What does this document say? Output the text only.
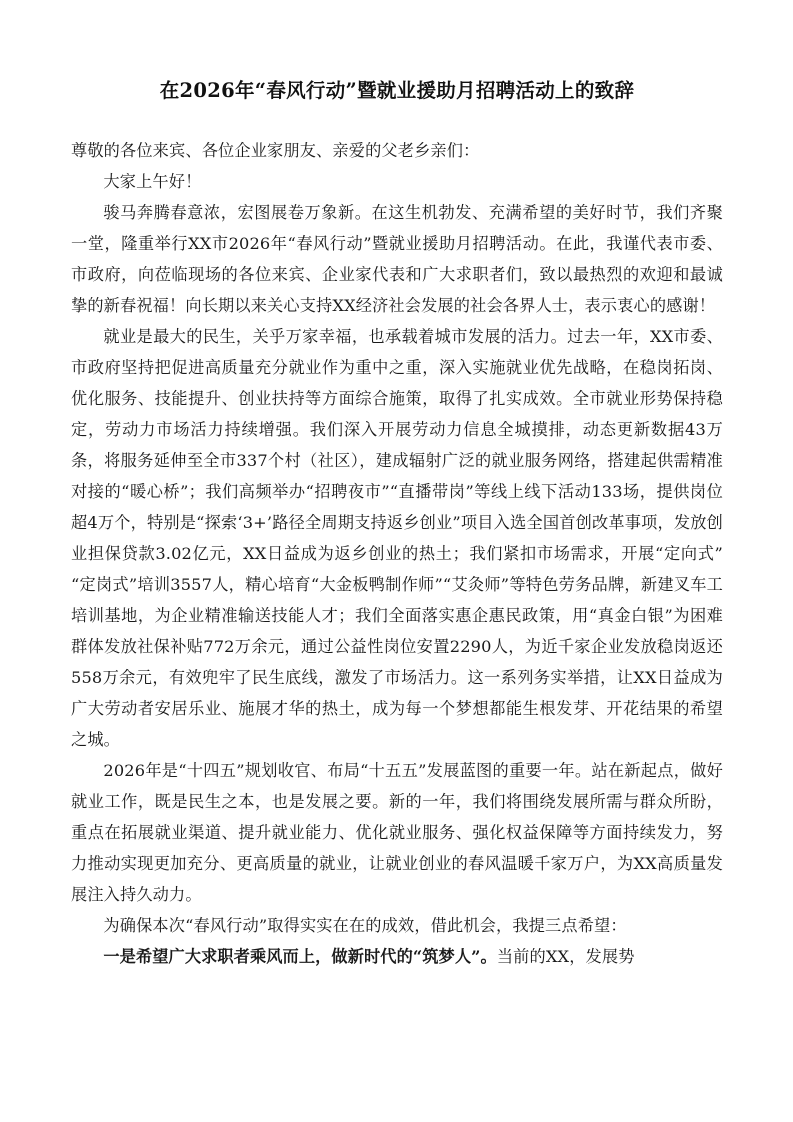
在2026年“春风行动”暨就业援助月招聘活动上的致辞

尊敬的各位来宾、各位企业家朋友、亲爱的父老乡亲们：

大家上午好！

骏马奔腾春意浓，宏图展卷万象新。在这生机勃发、充满希望的美好时节，我们齐聚一堂，隆重举行XX市2026年“春风行动”暨就业援助月招聘活动。在此，我谨代表市委、市政府，向莅临现场的各位来宾、企业家代表和广大求职者们，致以最热烈的欢迎和最诚挚的新春祝福！向长期以来关心支持XX经济社会发展的社会各界人士，表示衷心的感谢！

就业是最大的民生，关乎万家幸福，也承载着城市发展的活力。过去一年，XX市委、市政府坚持把促进高质量充分就业作为重中之重，深入实施就业优先战略，在稳岗拓岗、优化服务、技能提升、创业扶持等方面综合施策，取得了扎实成效。全市就业形势保持稳定，劳动力市场活力持续增强。我们深入开展劳动力信息全城摸排，动态更新数据43万条，将服务延伸至全市337个村（社区），建成辐射广泛的就业服务网络，搭建起供需精准对接的“暖心桥”；我们高频举办“招聘夜市”“直播带岗”等线上线下活动133场，提供岗位超4万个，特别是“探索‘3+’路径全周期支持返乡创业”项目入选全国首创改革事项，发放创业担保贷款3.02亿元，XX日益成为返乡创业的热土；我们紧扣市场需求，开展“定向式”“定岗式”培训3557人，精心培育“大金板鸭制作师”“艾灸师”等特色劳务品牌，新建叉车工培训基地，为企业精准输送技能人才；我们全面落实惠企惠民政策，用“真金白银”为困难群体发放社保补贴772万余元，通过公益性岗位安置2290人，为近千家企业发放稳岗返还558万余元，有效兜牢了民生底线，激发了市场活力。这一系列务实举措，让XX日益成为广大劳动者安居乐业、施展才华的热土，成为每一个梦想都能生根发芽、开花结果的希望之城。

2026年是“十四五”规划收官、布局“十五五”发展蓝图的重要一年。站在新起点，做好就业工作，既是民生之本，也是发展之要。新的一年，我们将围绕发展所需与群众所盼，重点在拓展就业渠道、提升就业能力、优化就业服务、强化权益保障等方面持续发力，努力推动实现更加充分、更高质量的就业，让就业创业的春风温暖千家万户，为XX高质量发展注入持久动力。

为确保本次“春风行动”取得实实在在的成效，借此机会，我提三点希望：

一是希望广大求职者乘风而上，做新时代的“筑梦人”。当前的XX，发展势
